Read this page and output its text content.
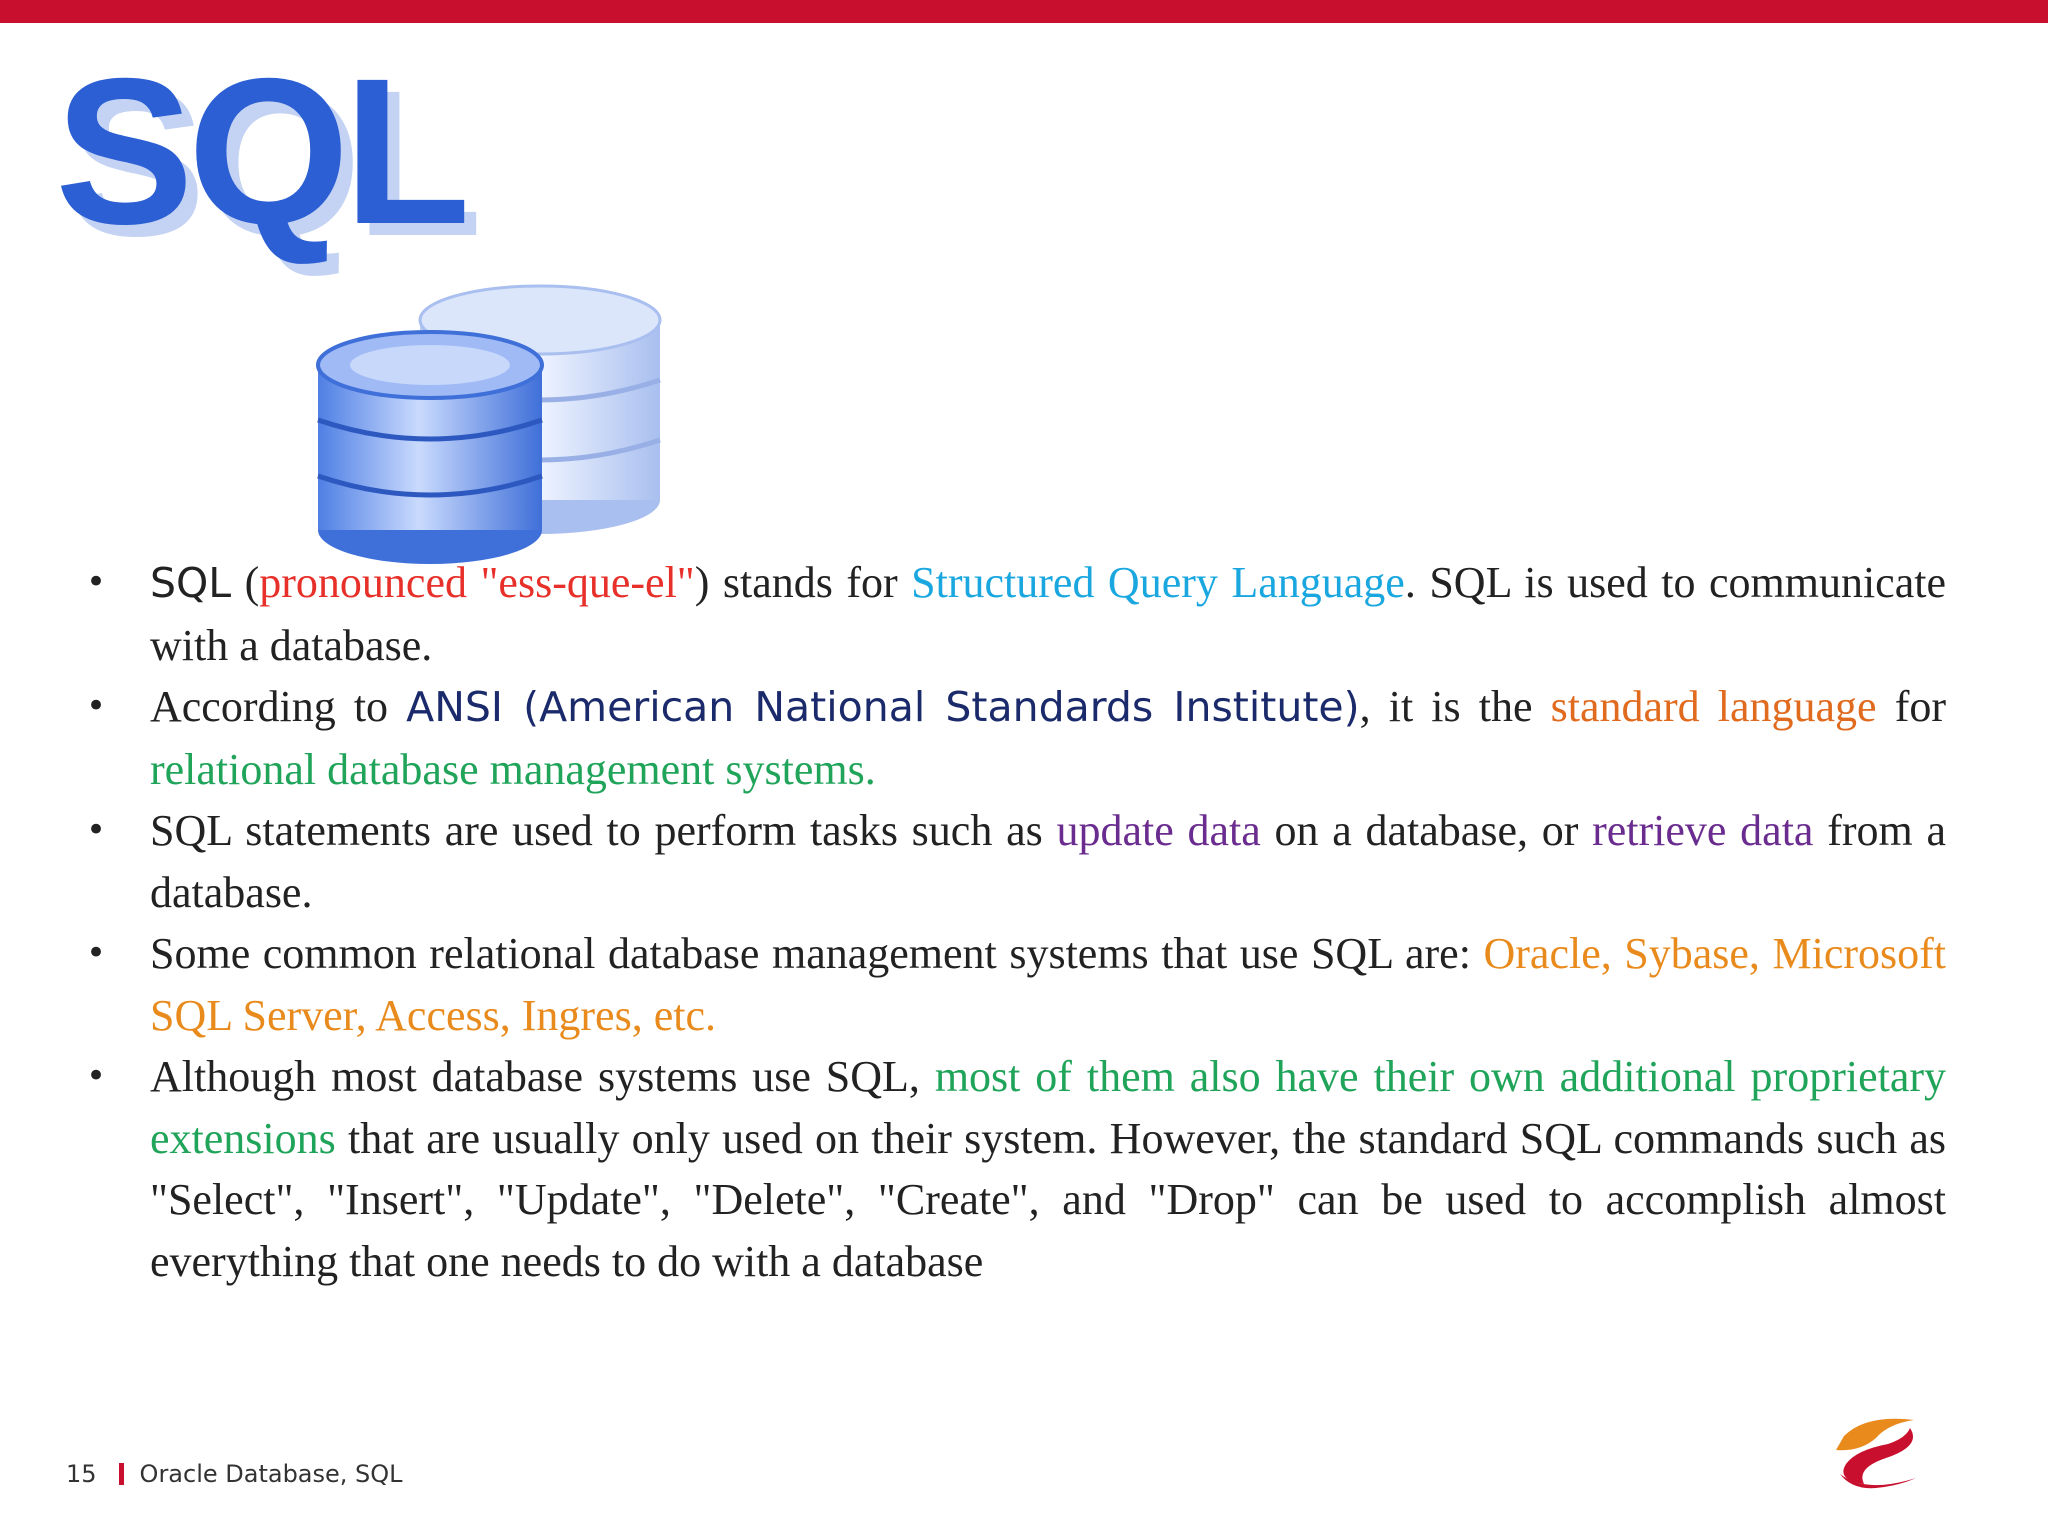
SQL
• SQL (pronounced "ess-que-el") stands for Structured Query Language. SQL is used to communicate with a database.
• According to ANSI (American National Standards Institute), it is the standard language for relational database management systems.
• SQL statements are used to perform tasks such as update data on a database, or retrieve data from a database.
• Some common relational database management systems that use SQL are: Oracle, Sybase, Microsoft SQL Server, Access, Ingres, etc.
• Although most database systems use SQL, most of them also have their own additional proprietary extensions that are usually only used on their system. However, the standard SQL commands such as "Select", "Insert", "Update", "Delete", "Create", and "Drop" can be used to accomplish almost everything that one needs to do with a database
15 Oracle Database, SQL
